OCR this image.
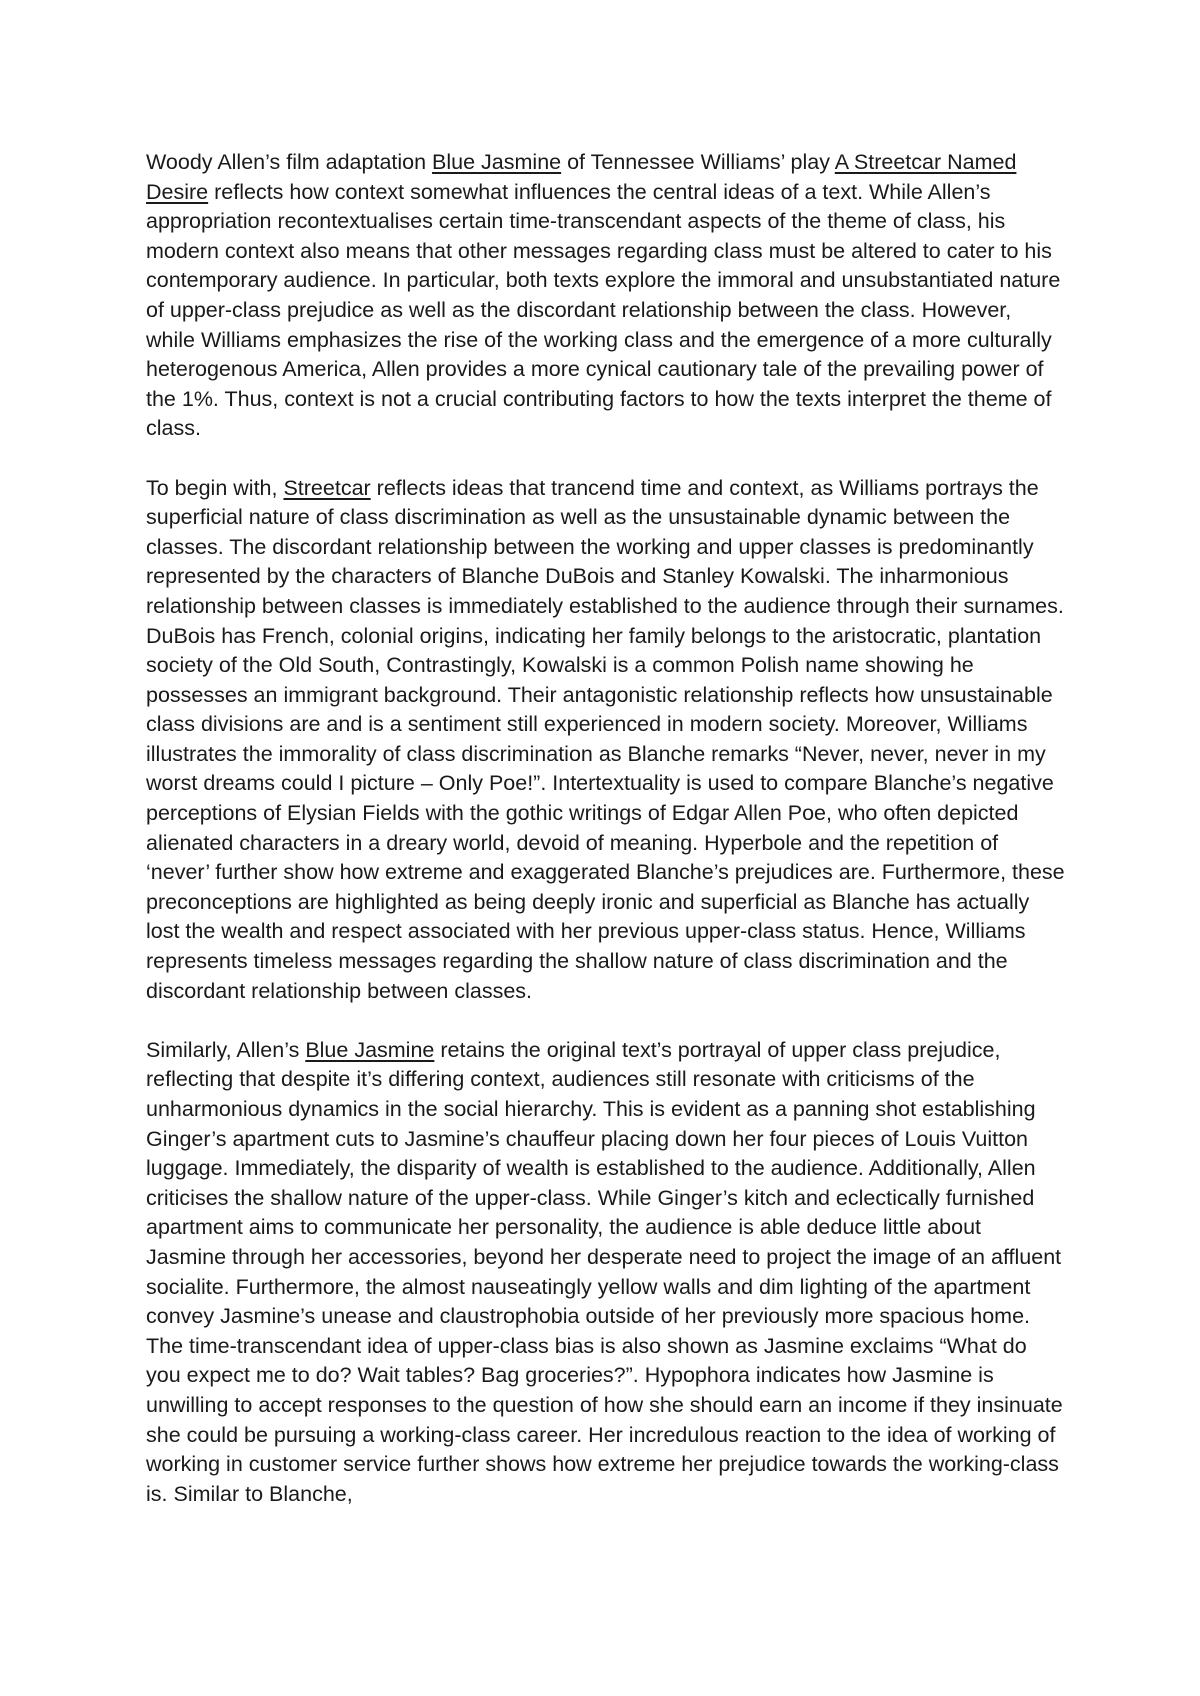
Woody Allen’s film adaptation Blue Jasmine of Tennessee Williams’ play A Streetcar Named Desire reflects how context somewhat influences the central ideas of a text. While Allen’s appropriation recontextualises certain time-transcendant aspects of the theme of class, his modern context also means that other messages regarding class must be altered to cater to his contemporary audience. In particular, both texts explore the immoral and unsubstantiated nature of upper-class prejudice as well as the discordant relationship between the class. However, while Williams emphasizes the rise of the working class and the emergence of a more culturally heterogenous America, Allen provides a more cynical cautionary tale of the prevailing power of the 1%. Thus, context is not a crucial contributing factors to how the texts interpret the theme of class.

To begin with, Streetcar reflects ideas that trancend time and context, as Williams portrays the superficial nature of class discrimination as well as the unsustainable dynamic between the classes. The discordant relationship between the working and upper classes is predominantly represented by the characters of Blanche DuBois and Stanley Kowalski. The inharmonious relationship between classes is immediately established to the audience through their surnames. DuBois has French, colonial origins, indicating her family belongs to the aristocratic, plantation society of the Old South, Contrastingly, Kowalski is a common Polish name showing he possesses an immigrant background. Their antagonistic relationship reflects how unsustainable class divisions are and is a sentiment still experienced in modern society. Moreover, Williams illustrates the immorality of class discrimination as Blanche remarks “Never, never, never in my worst dreams could I picture – Only Poe!”. Intertextuality is used to compare Blanche’s negative perceptions of Elysian Fields with the gothic writings of Edgar Allen Poe, who often depicted alienated characters in a dreary world, devoid of meaning. Hyperbole and the repetition of ‘never’ further show how extreme and exaggerated Blanche’s prejudices are. Furthermore, these preconceptions are highlighted as being deeply ironic and superficial as Blanche has actually lost the wealth and respect associated with her previous upper-class status. Hence, Williams represents timeless messages regarding the shallow nature of class discrimination and the discordant relationship between classes.

Similarly, Allen’s Blue Jasmine retains the original text’s portrayal of upper class prejudice, reflecting that despite it’s differing context, audiences still resonate with criticisms of the unharmonious dynamics in the social hierarchy. This is evident as a panning shot establishing Ginger’s apartment cuts to Jasmine’s chauffeur placing down her four pieces of Louis Vuitton luggage. Immediately, the disparity of wealth is established to the audience. Additionally, Allen criticises the shallow nature of the upper-class. While Ginger’s kitch and eclectically furnished apartment aims to communicate her personality, the audience is able deduce little about Jasmine through her accessories, beyond her desperate need to project the image of an affluent socialite. Furthermore, the almost nauseatingly yellow walls and dim lighting of the apartment convey Jasmine’s unease and claustrophobia outside of her previously more spacious home. The time-transcendant idea of upper-class bias is also shown as Jasmine exclaims “What do you expect me to do? Wait tables? Bag groceries?”. Hypophora indicates how Jasmine is unwilling to accept responses to the question of how she should earn an income if they insinuate she could be pursuing a working-class career. Her incredulous reaction to the idea of working of working in customer service further shows how extreme her prejudice towards the working-class is. Similar to Blanche,
